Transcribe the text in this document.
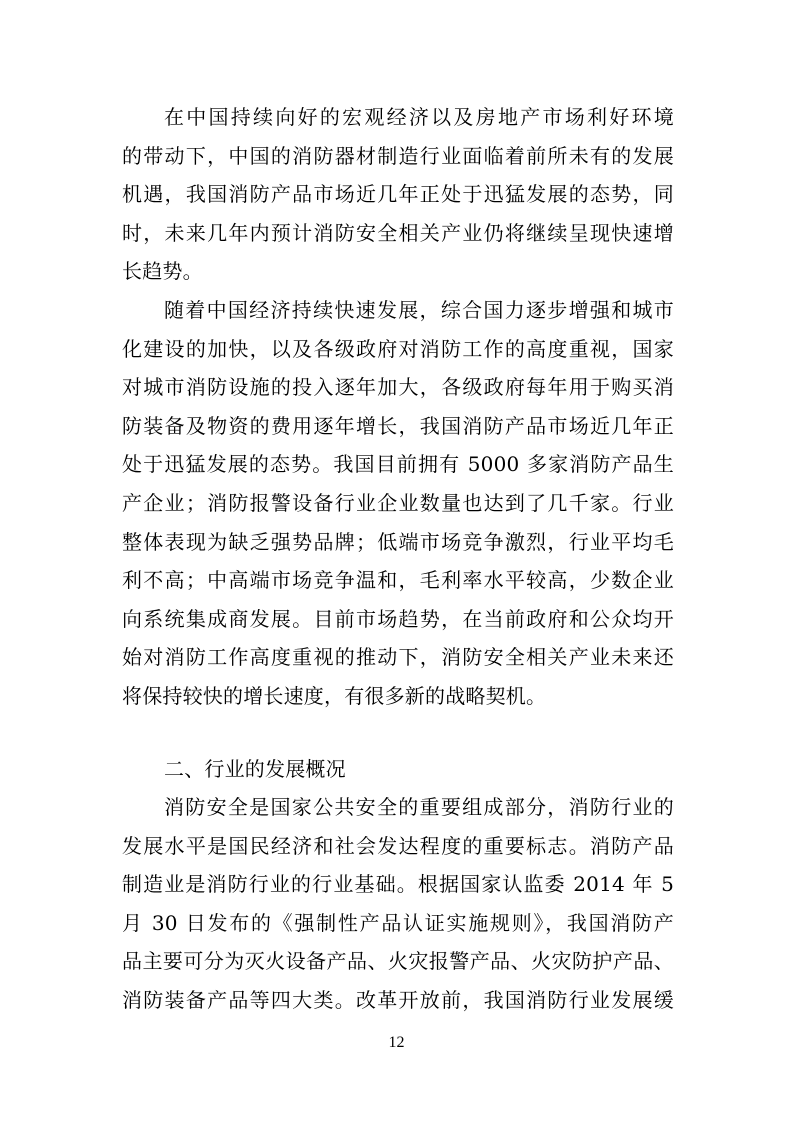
在中国持续向好的宏观经济以及房地产市场利好环境
的带动下，中国的消防器材制造行业面临着前所未有的发展
机遇，我国消防产品市场近几年正处于迅猛发展的态势，同
时，未来几年内预计消防安全相关产业仍将继续呈现快速增
长趋势。
随着中国经济持续快速发展，综合国力逐步增强和城市
化建设的加快，以及各级政府对消防工作的高度重视，国家
对城市消防设施的投入逐年加大，各级政府每年用于购买消
防装备及物资的费用逐年增长，我国消防产品市场近几年正
处于迅猛发展的态势。我国目前拥有 5000 多家消防产品生
产企业；消防报警设备行业企业数量也达到了几千家。行业
整体表现为缺乏强势品牌；低端市场竞争激烈，行业平均毛
利不高；中高端市场竞争温和，毛利率水平较高，少数企业
向系统集成商发展。目前市场趋势，在当前政府和公众均开
始对消防工作高度重视的推动下，消防安全相关产业未来还
将保持较快的增长速度，有很多新的战略契机。
二、行业的发展概况
消防安全是国家公共安全的重要组成部分，消防行业的
发展水平是国民经济和社会发达程度的重要标志。消防产品
制造业是消防行业的行业基础。根据国家认监委 2014 年 5
月 30 日发布的《强制性产品认证实施规则》，我国消防产
品主要可分为灭火设备产品、火灾报警产品、火灾防护产品、
消防装备产品等四大类。改革开放前，我国消防行业发展缓
12
